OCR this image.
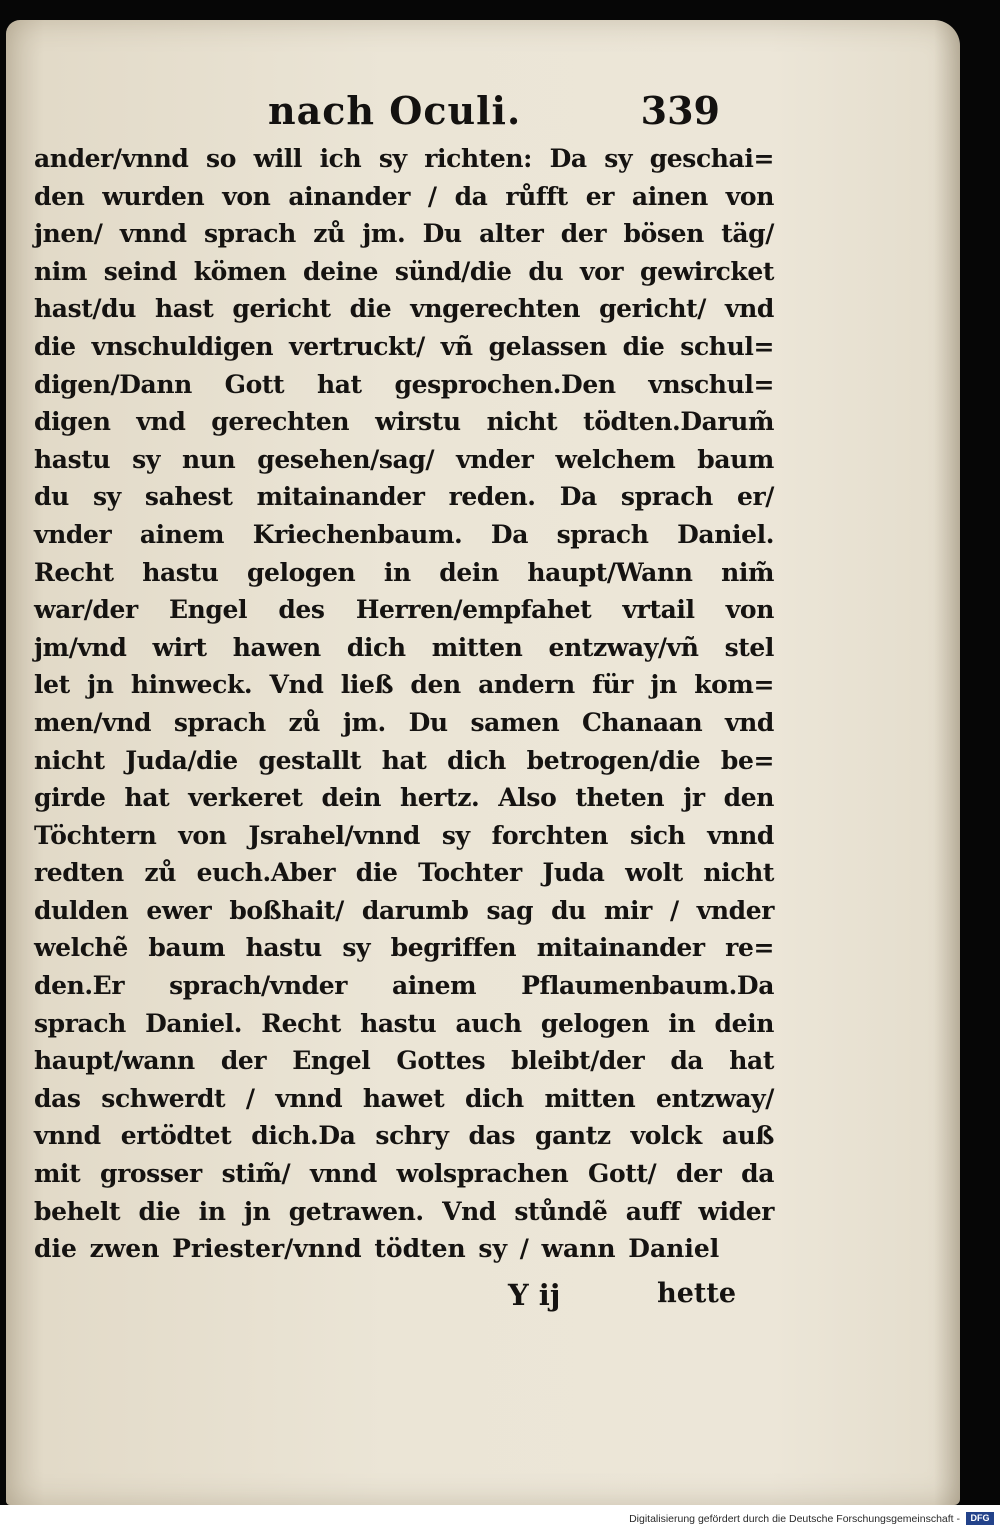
nach Oculi.	339
ander/vnnd so will ich sy richten: Da sy geschai=
den wurden von ainander / da růfft er ainen von
jnen/ vnnd sprach zů jm. Du alter der bösen täg/
nim seind kömen deine sünd/die du vor gewircket
hast/du hast gericht die vngerechten gericht/ vnd
die vnschuldigen vertruckt/ vñ gelassen die schul=
digen/Dann Gott hat gesprochen.Den vnschul=
digen vnd gerechten wirstu nicht tödten.Darum̃
hastu sy nun gesehen/sag/ vnder welchem baum
du sy sahest mitainander reden. Da sprach er/
vnder ainem Kriechenbaum. Da sprach Daniel.
Recht hastu gelogen in dein haupt/Wann nim̃
war/der Engel des Herren/empfahet vrtail von
jm/vnd wirt hawen dich mitten entzway/vñ stel
let jn hinweck. Vnd ließ den andern für jn kom=
men/vnd sprach zů jm. Du samen Chanaan vnd
nicht Juda/die gestallt hat dich betrogen/die be=
girde hat verkeret dein hertz. Also theten jr den
Töchtern von Jsrahel/vnnd sy forchten sich vnnd
redten zů euch.Aber die Tochter Juda wolt nicht
dulden ewer boßhait/ darumb sag du mir / vnder
welchẽ baum hastu sy begriffen mitainander re=
den.Er sprach/vnder ainem Pflaumenbaum.Da
sprach Daniel. Recht hastu auch gelogen in dein
haupt/wann der Engel Gottes bleibt/der da hat
das schwerdt / vnnd hawet dich mitten entzway/
vnnd ertödtet dich.Da schry das gantz volck auß
mit grosser stim̃/ vnnd wolsprachen Gott/ der da
behelt die in jn getrawen. Vnd stůndẽ auff wider
die zwen Priester/vnnd tödten sy / wann Daniel
Y ij	hette
Digitalisierung gefördert durch die Deutsche Forschungsgemeinschaft -	DFG
